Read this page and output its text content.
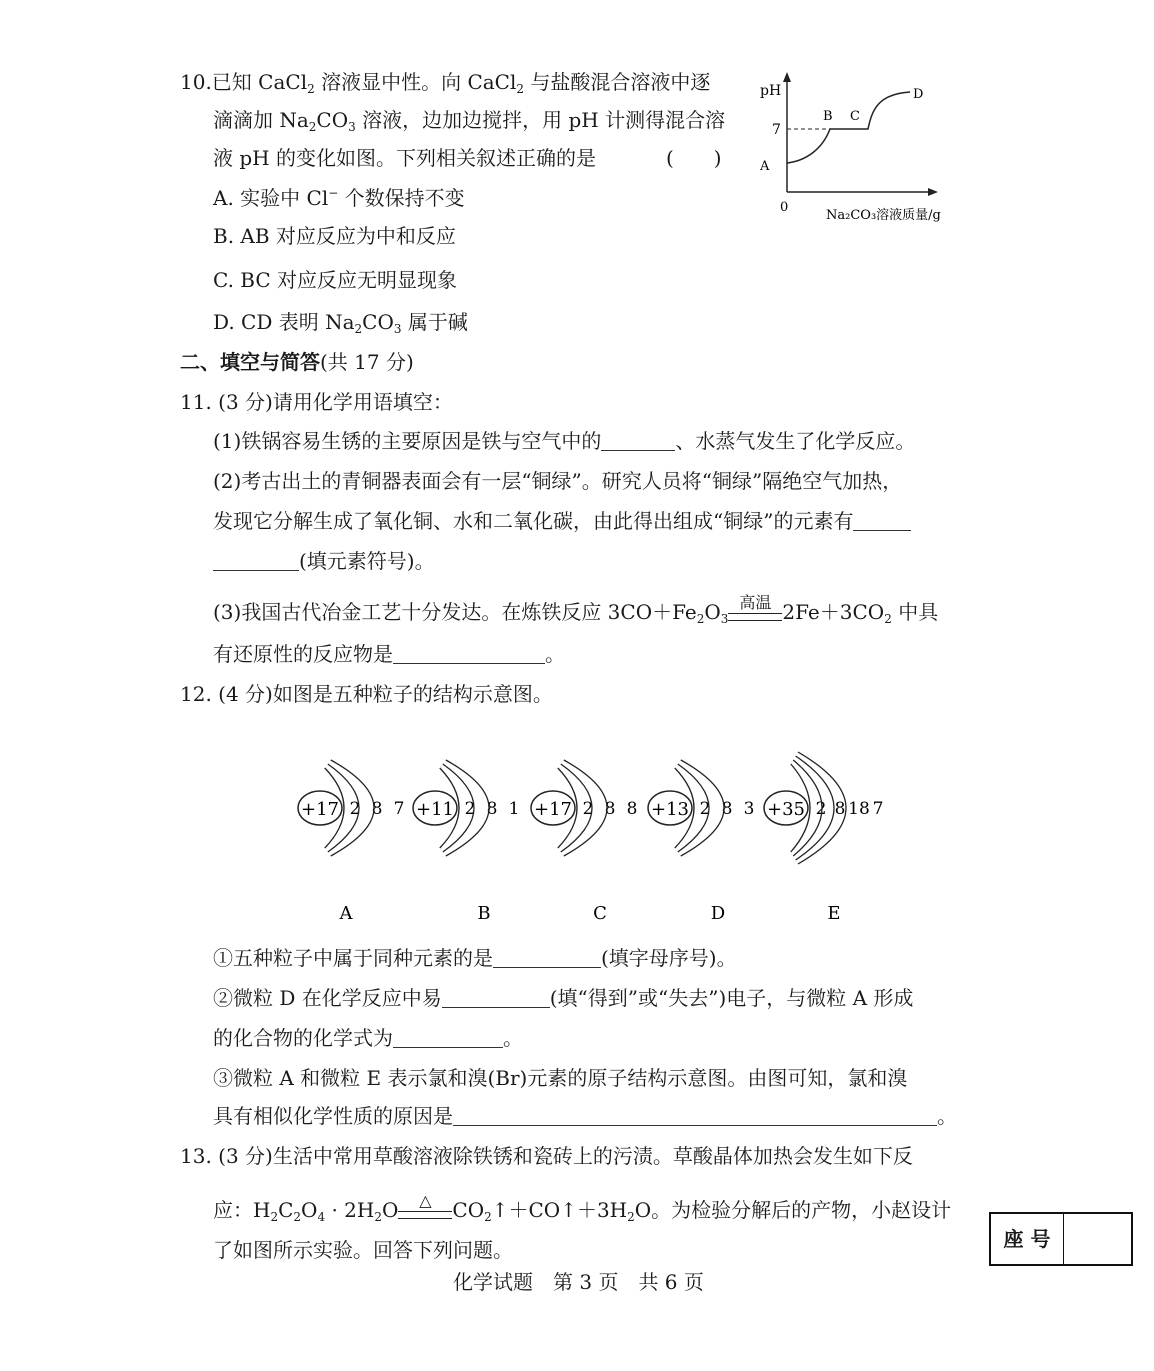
10.已知 CaCl$_2$ 溶液显中性。向 CaCl$_2$ 与盐酸混合溶液中逐
滴滴加 $Na_2CO_3$ 溶液，边加边搅拌，用 pH 计测得混合溶
液 pH 的变化如图。下列相关叙述正确的是	(　　)
A. 实验中 Cl− 个数保持不变
B. AB 对应反应为中和反应
C. BC 对应反应无明显现象
D. CD 表明 $Na_2CO_3$ 属于碱
pH
7
A
B C
D
0
Na₂CO₃溶液质量/g
二、填空与简答(共 17 分)
11. (3 分)请用化学用语填空：
(1)铁锅容易生锈的主要原因是铁与空气中的	、水蒸气发生了化学反应。
(2)考古出土的青铜器表面会有一层“铜绿”。研究人员将“铜绿”隔绝空气加热，
发现它分解生成了氧化铜、水和二氧化碳，由此得出组成“铜绿”的元素有
(填元素符号)。
(3)我国古代冶金工艺十分发达。在炼铁反应 $3CO+Fe_2O_3$
高温 $2Fe+3CO_2$ 中具
有还原性的反应物是	。
12. (4 分)如图是五种粒子的结构示意图。
+17 2 8 7
A
+11 2 8 1
B
+17 2 8 8
C
+13 2 8 3
D
+35 2 8 18 7
E
①五种粒子中属于同种元素的是	(填字母序号)。
②微粒 D 在化学反应中易	(填“得到”或“失去”)电子，与微粒 A 形成
的化合物的化学式为	。
③微粒 A 和微粒 E 表示氯和溴(Br)元素的原子结构示意图。由图可知，氯和溴
具有相似化学性质的原因是	。
13. (3 分)生活中常用草酸溶液除铁锈和瓷砖上的污渍。草酸晶体加热会发生如下反
应：$H_2C_2O_4 \cdot 2H_2O$	△	$CO_2↑+CO↑+3H_2O$。为检验分解后的产物，小赵设计
了如图所示实验。回答下列问题。	座 号
化学试题　第 3 页　共 6 页
